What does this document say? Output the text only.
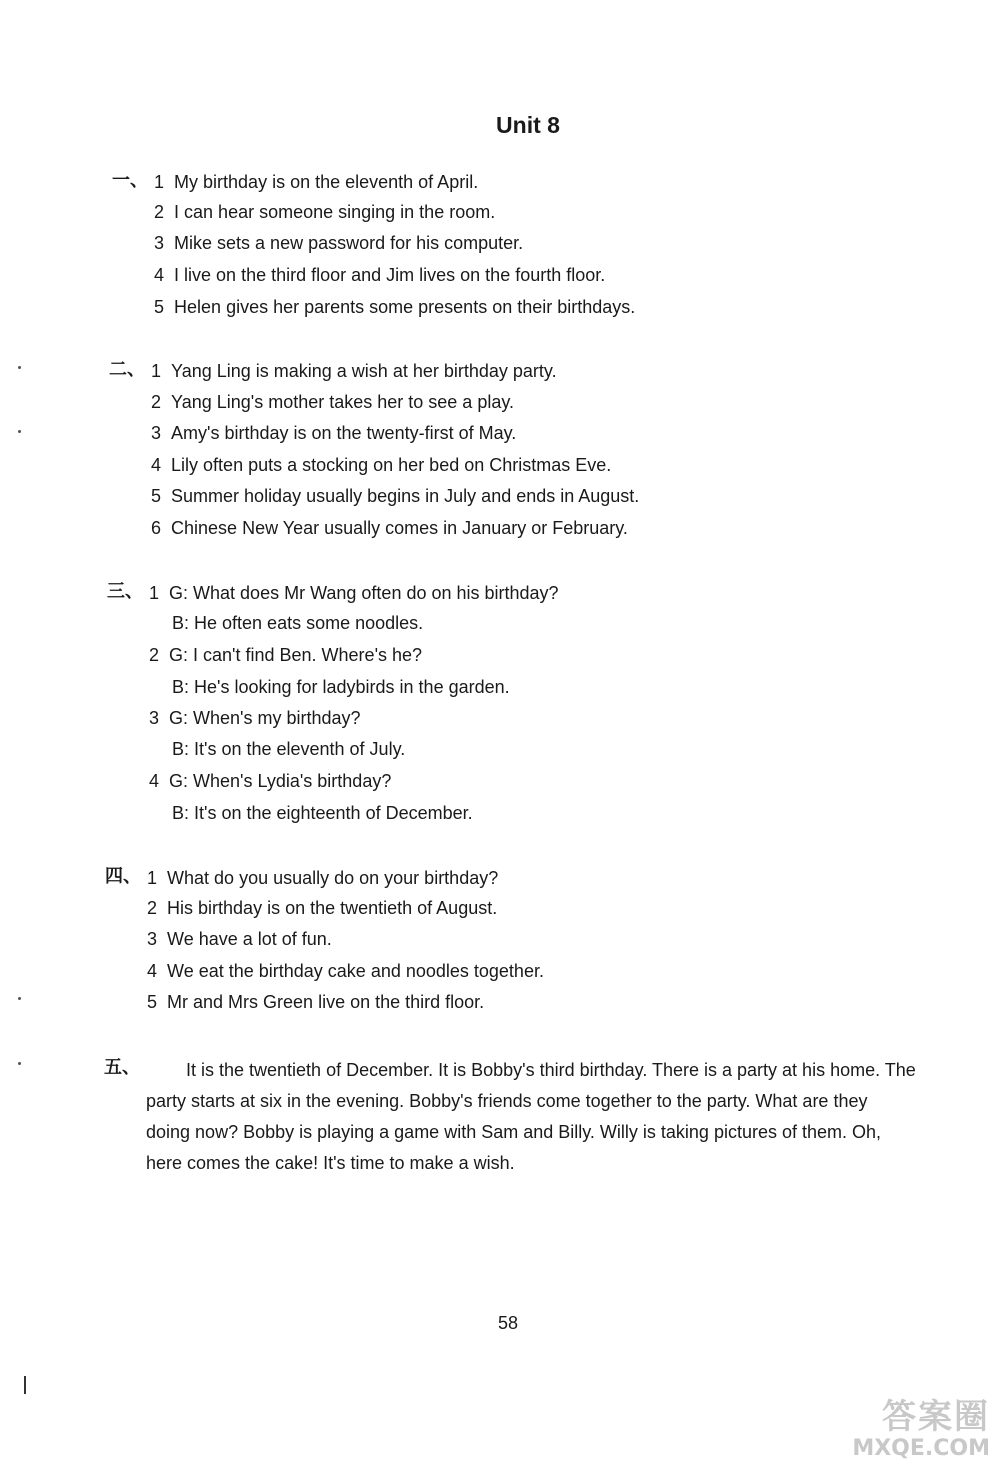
Unit 8
一、 1 My birthday is on the eleventh of April.
2 I can hear someone singing in the room.
3 Mike sets a new password for his computer.
4 I live on the third floor and Jim lives on the fourth floor.
5 Helen gives her parents some presents on their birthdays.
二、 1 Yang Ling is making a wish at her birthday party.
2 Yang Ling's mother takes her to see a play.
3 Amy's birthday is on the twenty-first of May.
4 Lily often puts a stocking on her bed on Christmas Eve.
5 Summer holiday usually begins in July and ends in August.
6 Chinese New Year usually comes in January or February.
三、 1 G: What does Mr Wang often do on his birthday?
B: He often eats some noodles.
2 G: I can't find Ben. Where's he?
B: He's looking for ladybirds in the garden.
3 G: When's my birthday?
B: It's on the eleventh of July.
4 G: When's Lydia's birthday?
B: It's on the eighteenth of December.
四、 1 What do you usually do on your birthday?
2 His birthday is on the twentieth of August.
3 We have a lot of fun.
4 We eat the birthday cake and noodles together.
5 Mr and Mrs Green live on the third floor.
五、	It is the twentieth of December. It is Bobby's third birthday. There is a party at his home. The party starts at six in the evening. Bobby's friends come together to the party. What are they doing now? Bobby is playing a game with Sam and Billy. Willy is taking pictures of them. Oh, here comes the cake! It's time to make a wish.
58
答案圈
MXQE.COM
